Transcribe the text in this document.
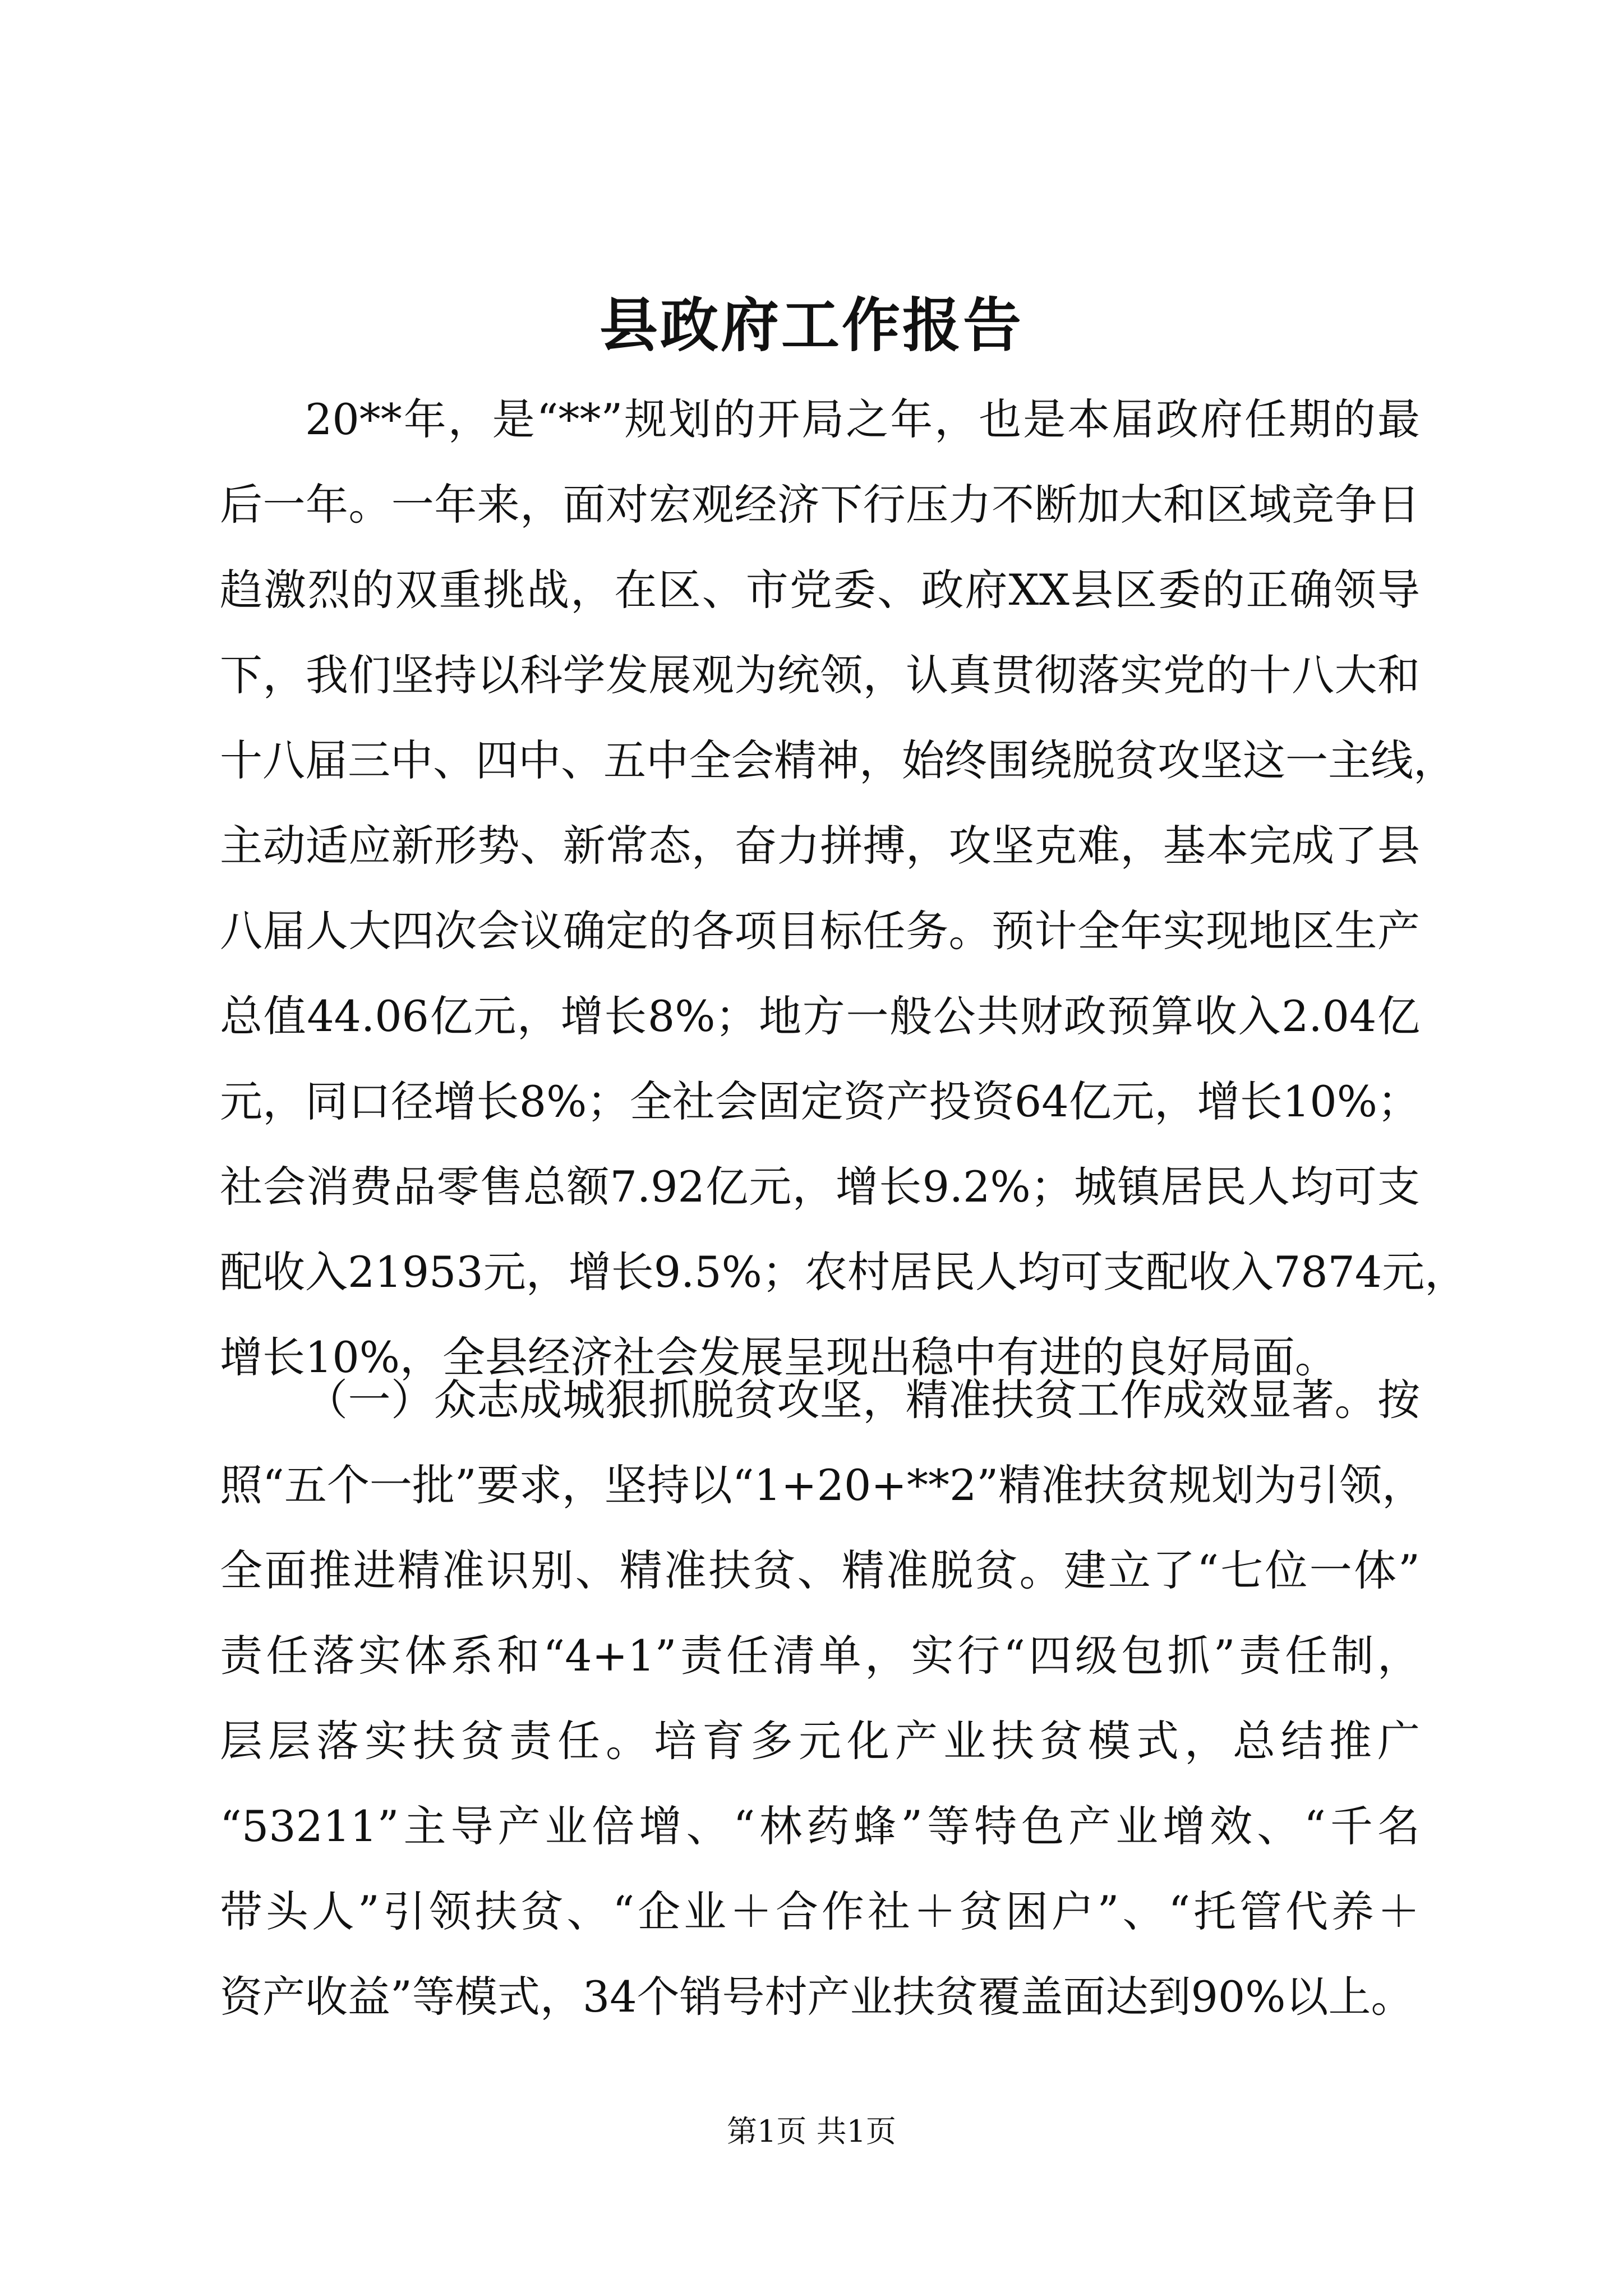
县政府工作报告
20**年，是“**”规划的开局之年，也是本届政府任期的最
后一年。一年来，面对宏观经济下行压力不断加大和区域竞争日
趋激烈的双重挑战，在区、市党委、政府XX县区委的正确领导
下，我们坚持以科学发展观为统领，认真贯彻落实党的十八大和
十八届三中、四中、五中全会精神，始终围绕脱贫攻坚这一主线，
主动适应新形势、新常态，奋力拼搏，攻坚克难，基本完成了县
八届人大四次会议确定的各项目标任务。预计全年实现地区生产
总值44.06亿元，增长8%；地方一般公共财政预算收入2.04亿
元，同口径增长8%；全社会固定资产投资64亿元，增长10%；
社会消费品零售总额7.92亿元，增长9.2%；城镇居民人均可支
配收入21953元，增长9.5%；农村居民人均可支配收入7874元，
增长10%，全县经济社会发展呈现出稳中有进的良好局面。
（一）众志成城狠抓脱贫攻坚，精准扶贫工作成效显著。按
照“五个一批”要求，坚持以“1+20+**2”精准扶贫规划为引领，
全面推进精准识别、精准扶贫、精准脱贫。建立了“七位一体”
责任落实体系和“4+1”责任清单，实行“四级包抓”责任制，
层层落实扶贫责任。培育多元化产业扶贫模式，总结推广
“53211”主导产业倍增、“林药蜂”等特色产业增效、“千名
带头人”引领扶贫、“企业＋合作社＋贫困户”、“托管代养＋
资产收益”等模式，34个销号村产业扶贫覆盖面达到90%以上。
第1页 共1页
